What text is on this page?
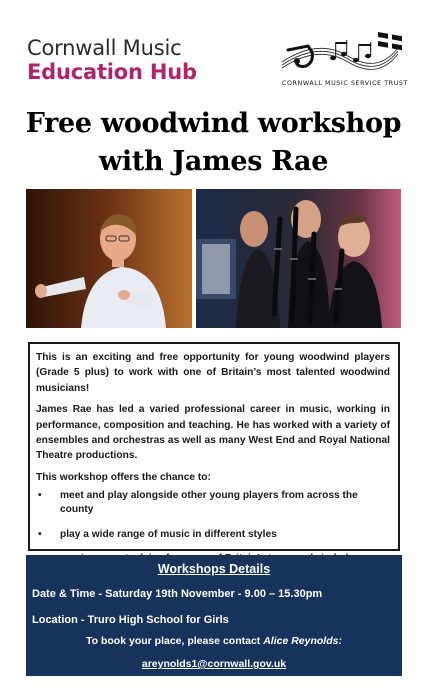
Cornwall Music
Education Hub	CORNWALL MUSIC SERVICE TRUST
Free woodwind workshop
with James Rae

This is an exciting and free opportunity for young woodwind players (Grade 5 plus) to work with one of Britain’s most talented woodwind musicians!

James Rae has led a varied professional career in music, working in performance, composition and teaching. He has worked with a variety of ensembles and orchestras as well as many West End and Royal National Theatre productions.

This workshop offers the chance to:

• meet and play alongside other young players from across the county
• play a wide range of music in different styles
Workshops Details
Date & Time - Saturday 19th November - 9.00 – 15.30pm
Location - Truro High School for Girls
To book your place, please contact Alice Reynolds:
areynolds1@cornwall.gov.uk
